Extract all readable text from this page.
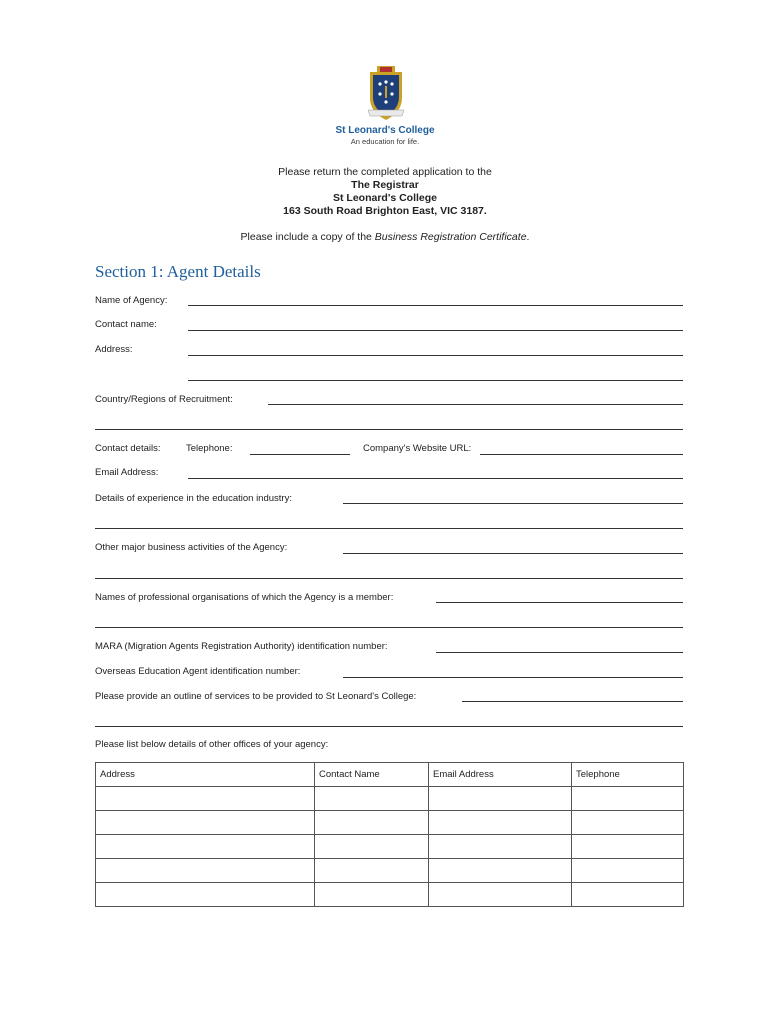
St Leonard's College
An education for life.
Please return the completed application to the
The Registrar
St Leonard's College
163 South Road Brighton East, VIC 3187.
Please include a copy of the Business Registration Certificate.
Section 1: Agent Details
Name of Agency:
Contact name:
Address:
Country/Regions of Recruitment:
Contact details:	Telephone:	Company's Website URL:
Email Address:
Details of experience in the education industry:
Other major business activities of the Agency:
Names of professional organisations of which the Agency is a member:
MARA (Migration Agents Registration Authority) identification number:
Overseas Education Agent identification number:
Please provide an outline of services to be provided to St Leonard's College:
Please list below details of other offices of your agency:
Address	Contact Name	Email Address	Telephone
